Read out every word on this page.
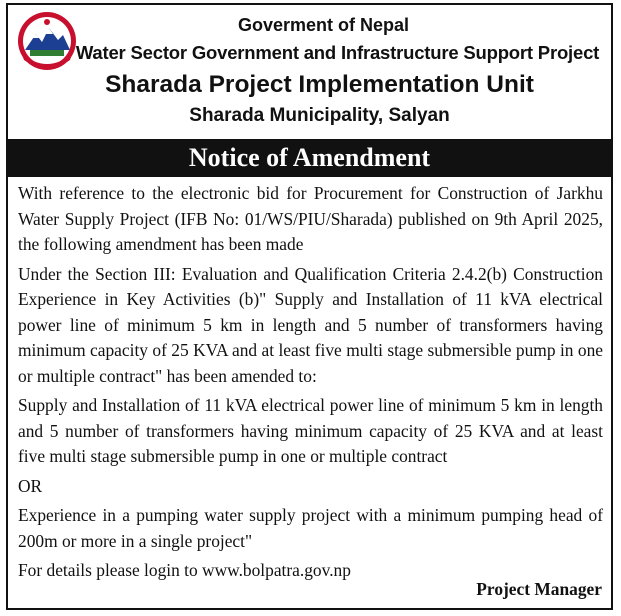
Goverment of Nepal
Water Sector Government and Infrastructure Support Project
Sharada Project Implementation Unit
Sharada Municipality, Salyan
Notice of Amendment

With reference to the electronic bid for Procurement for Construction of Jarkhu Water Supply Project (IFB No: 01/WS/PIU/Sharada) published on 9th April 2025, the following amendment has been made

Under the Section III: Evaluation and Qualification Criteria 2.4.2(b) Construction Experience in Key Activities (b)" Supply and Installation of 11 kVA electrical power line of minimum 5 km in length and 5 number of transformers having minimum capacity of 25 KVA and at least five multi stage submersible pump in one or multiple contract" has been amended to:

Supply and Installation of 11 kVA electrical power line of minimum 5 km in length and 5 number of transformers having minimum capacity of 25 KVA and at least five multi stage submersible pump in one or multiple contract

OR

Experience in a pumping water supply project with a minimum pumping head of 200m or more in a single project"

For details please login to www.bolpatra.gov.np

Project Manager
